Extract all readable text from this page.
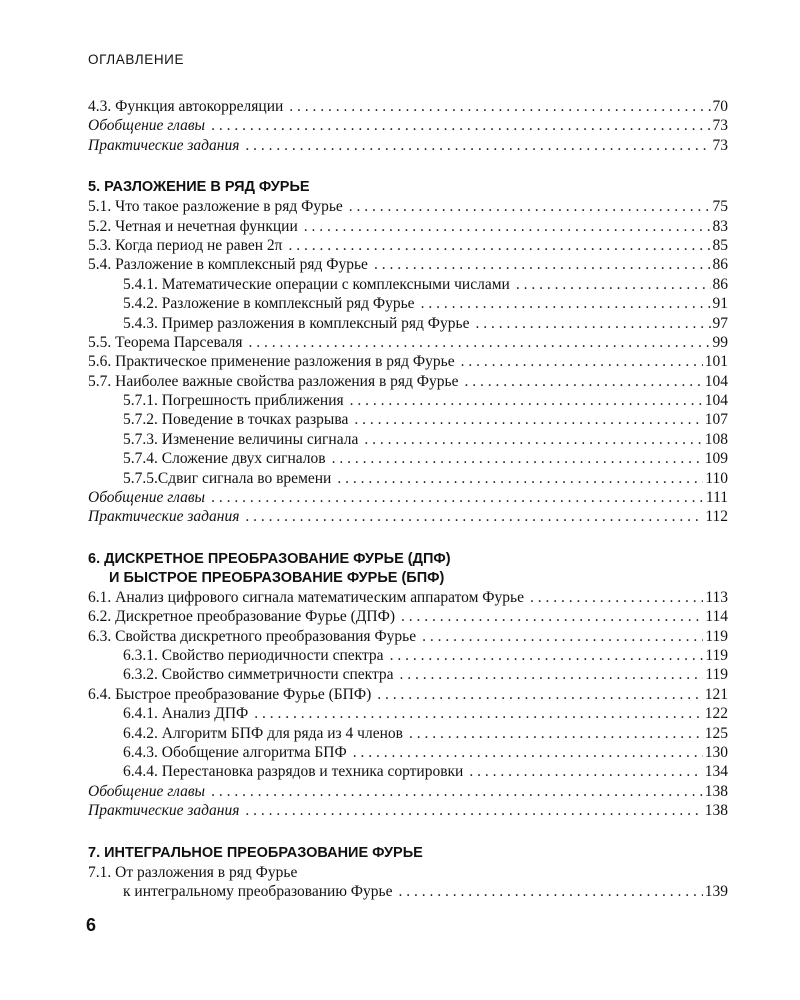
ОГЛАВЛЕНИЕ
4.3. Функция автокорреляции . . .	70
Обобщение главы . . .	73
Практические задания . . .	73
5. РАЗЛОЖЕНИЕ В РЯД ФУРЬЕ
5.1. Что такое разложение в ряд Фурье . . .	75
5.2. Четная и нечетная функции . . .	83
5.3. Когда период не равен 2π . . .	85
5.4. Разложение в комплексный ряд Фурье . . .	86
5.4.1. Математические операции с комплексными числами . . .	86
5.4.2. Разложение в комплексный ряд Фурье . . .	91
5.4.3. Пример разложения в комплексный ряд Фурье . . .	97
5.5. Теорема Парсеваля . . .	99
5.6. Практическое применение разложения в ряд Фурье . . .	101
5.7. Наиболее важные свойства разложения в ряд Фурье . . .	104
5.7.1. Погрешность приближения . . .	104
5.7.2. Поведение в точках разрыва . . .	107
5.7.3. Изменение величины сигнала . . .	108
5.7.4. Сложение двух сигналов . . .	109
5.7.5.Сдвиг сигнала во времени . . .	110
Обобщение главы . . .	111
Практические задания . . .	112
6. ДИСКРЕТНОЕ ПРЕОБРАЗОВАНИЕ ФУРЬЕ (ДПФ)
И БЫСТРОЕ ПРЕОБРАЗОВАНИЕ ФУРЬЕ (БПФ)
6.1. Анализ цифрового сигнала математическим аппаратом Фурье . . .	113
6.2. Дискретное преобразование Фурье (ДПФ) . . .	114
6.3. Свойства дискретного преобразования Фурье . . .	119
6.3.1. Свойство периодичности спектра . . .	119
6.3.2. Свойство симметричности спектра . . .	119
6.4. Быстрое преобразование Фурье (БПФ) . . .	121
6.4.1. Анализ ДПФ . . .	122
6.4.2. Алгоритм БПФ для ряда из 4 членов . . .	125
6.4.3. Обобщение алгоритма БПФ . . .	130
6.4.4. Перестановка разрядов и техника сортировки . . .	134
Обобщение главы . . .	138
Практические задания . . .	138
7. ИНТЕГРАЛЬНОЕ ПРЕОБРАЗОВАНИЕ ФУРЬЕ
7.1. От разложения в ряд Фурье
к интегральному преобразованию Фурье . . .	139
6
